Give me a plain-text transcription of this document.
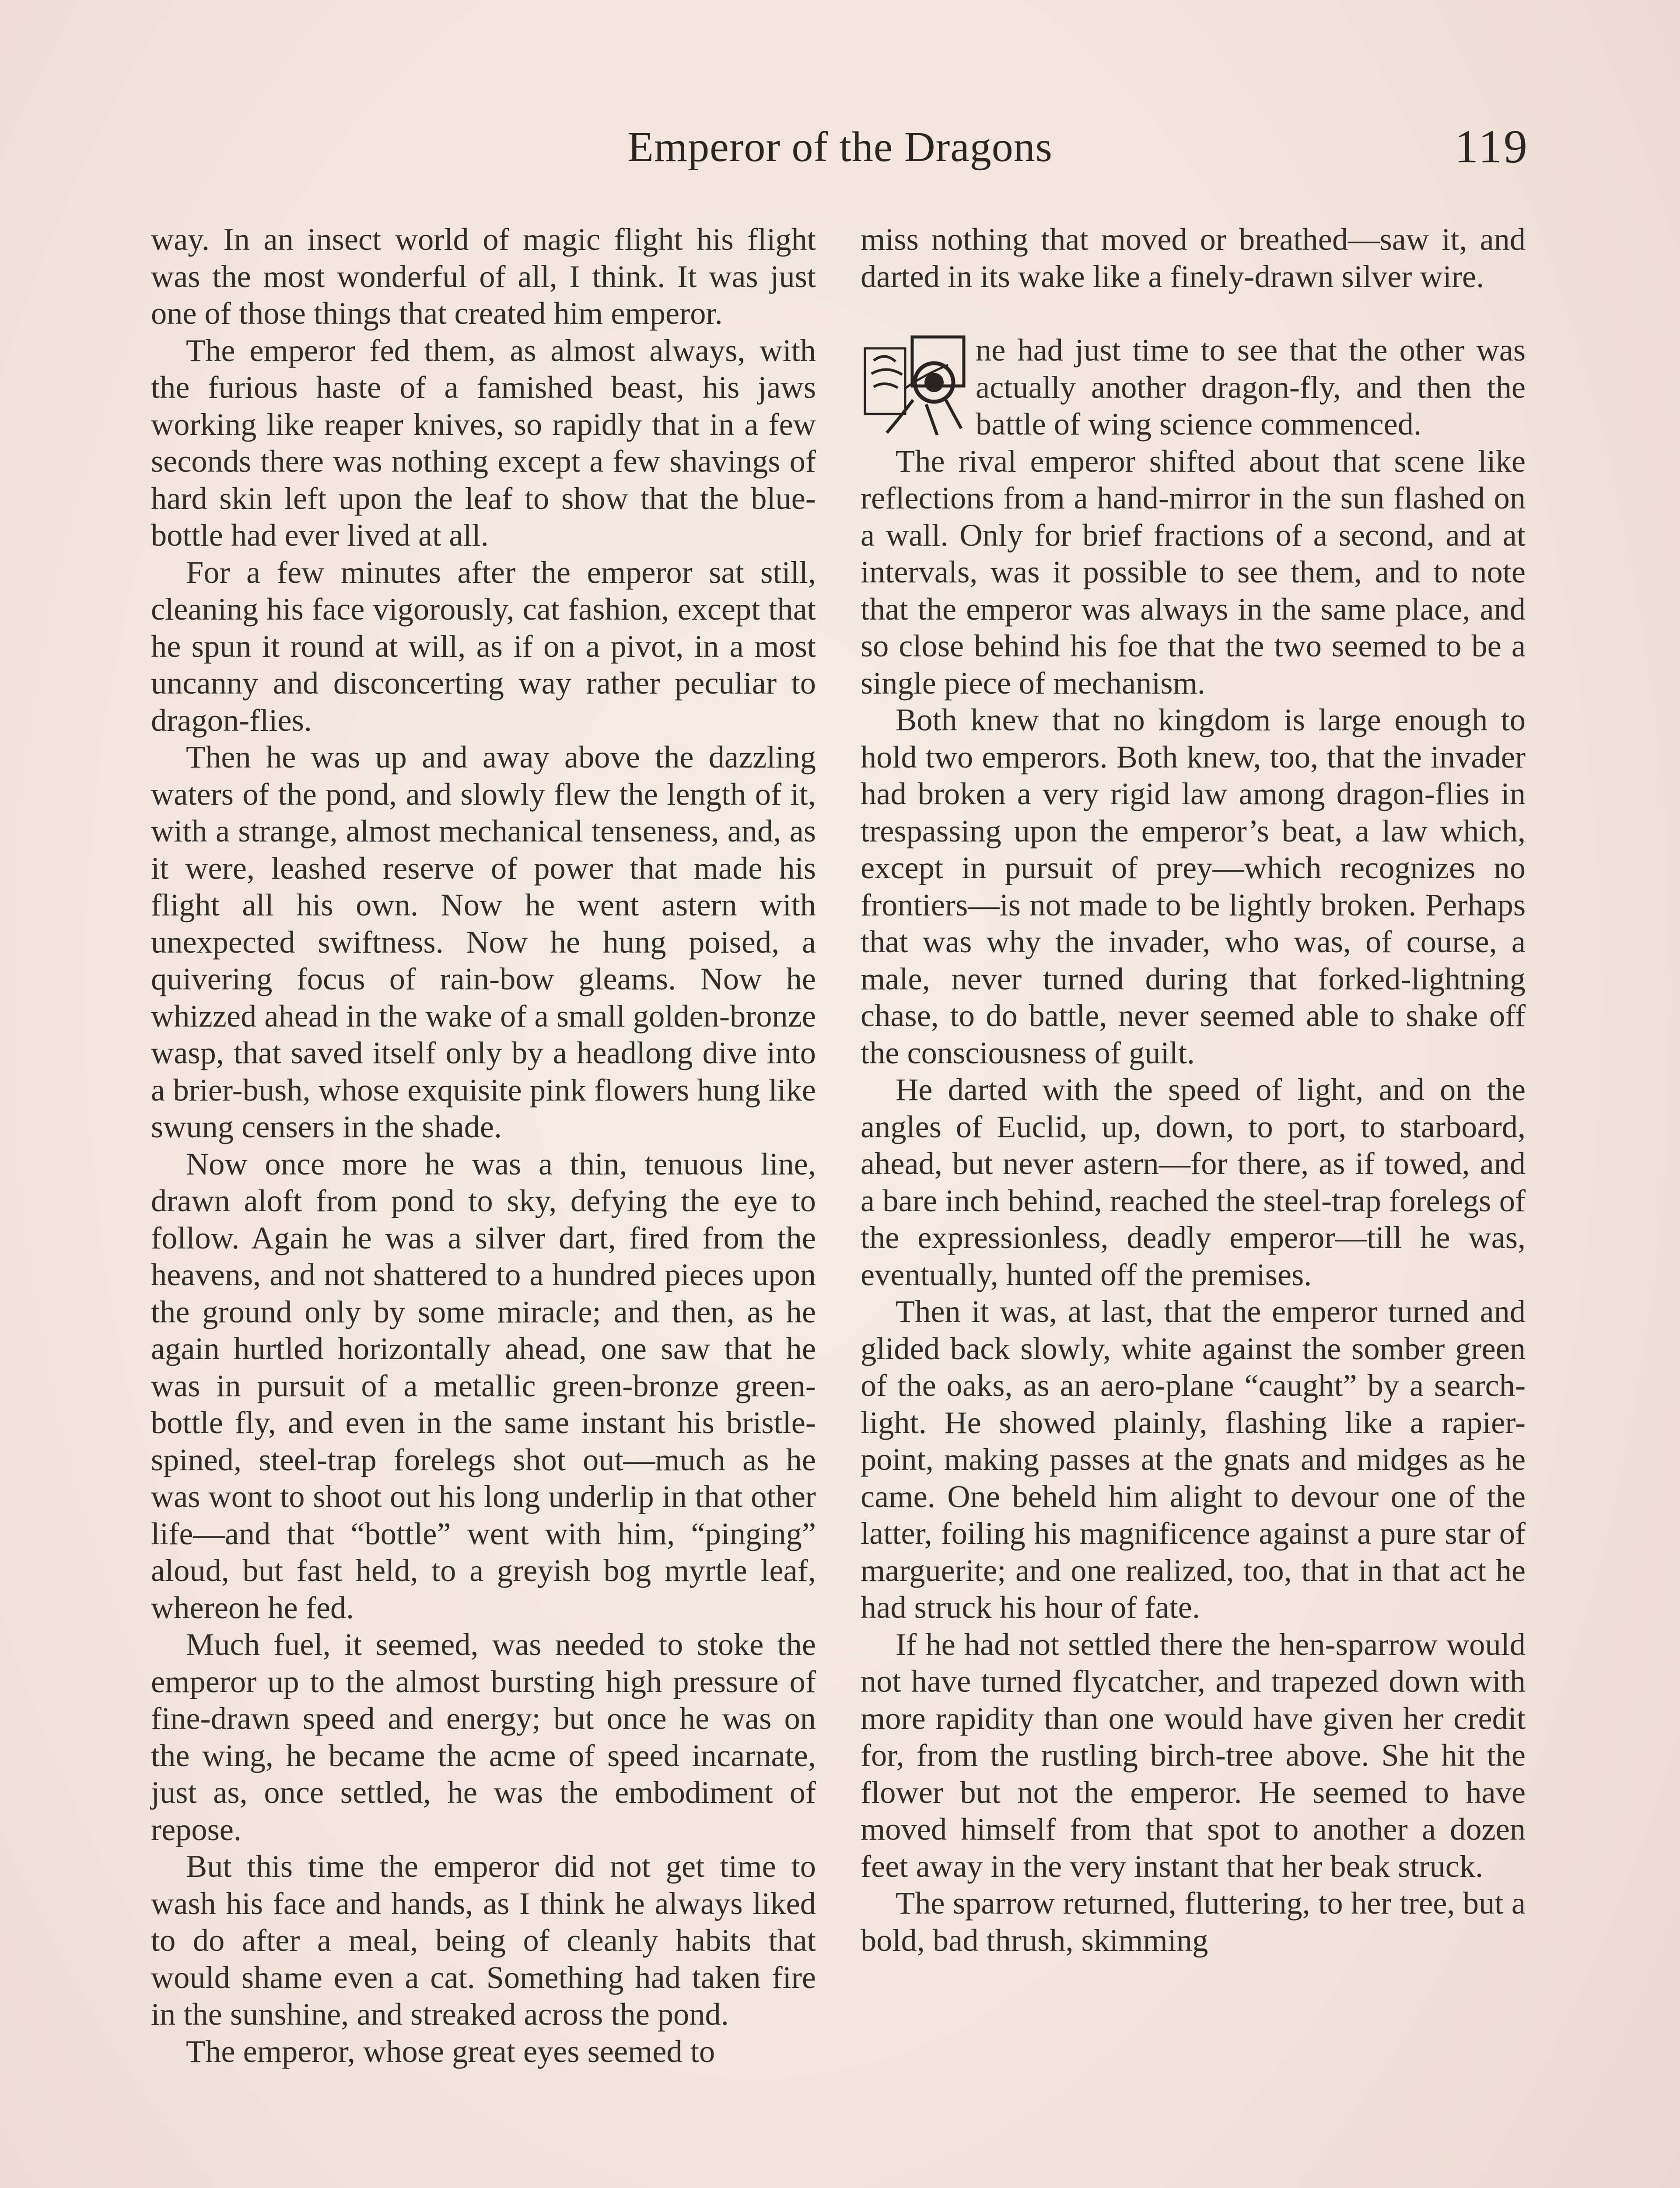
Emperor of the Dragons	119

way. In an insect world of magic flight his flight was the most wonderful of all, I think. It was just one of those things that created him emperor.

The emperor fed them, as almost always, with the furious haste of a famished beast, his jaws working like reaper knives, so rapidly that in a few seconds there was nothing except a few shavings of hard skin left upon the leaf to show that the blue-bottle had ever lived at all.

For a few minutes after the emperor sat still, cleaning his face vigorously, cat fashion, except that he spun it round at will, as if on a pivot, in a most uncanny and disconcerting way rather peculiar to dragon-flies.

Then he was up and away above the dazzling waters of the pond, and slowly flew the length of it, with a strange, almost mechanical tenseness, and, as it were, leashed reserve of power that made his flight all his own. Now he went astern with unexpected swiftness. Now he hung poised, a quivering focus of rain-bow gleams. Now he whizzed ahead in the wake of a small golden-bronze wasp, that saved itself only by a headlong dive into a brier-bush, whose exquisite pink flowers hung like swung censers in the shade.

Now once more he was a thin, tenuous line, drawn aloft from pond to sky, defying the eye to follow. Again he was a silver dart, fired from the heavens, and not shattered to a hundred pieces upon the ground only by some miracle; and then, as he again hurtled horizontally ahead, one saw that he was in pursuit of a metallic green-bronze green-bottle fly, and even in the same instant his bristle-spined, steel-trap forelegs shot out—much as he was wont to shoot out his long underlip in that other life—and that “bottle” went with him, “pinging” aloud, but fast held, to a greyish bog myrtle leaf, whereon he fed.

Much fuel, it seemed, was needed to stoke the emperor up to the almost bursting high pressure of fine-drawn speed and energy; but once he was on the wing, he became the acme of speed incarnate, just as, once settled, he was the embodiment of repose.

But this time the emperor did not get time to wash his face and hands, as I think he always liked to do after a meal, being of cleanly habits that would shame even a cat. Something had taken fire in the sunshine, and streaked across the pond.

The emperor, whose great eyes seemed to

miss nothing that moved or breathed—saw it, and darted in its wake like a finely-drawn silver wire.

ne had just time to see that the other was actually another dragon-fly, and then the battle of wing science commenced.

The rival emperor shifted about that scene like reflections from a hand-mirror in the sun flashed on a wall. Only for brief fractions of a second, and at intervals, was it possible to see them, and to note that the emperor was always in the same place, and so close behind his foe that the two seemed to be a single piece of mechanism.

Both knew that no kingdom is large enough to hold two emperors. Both knew, too, that the invader had broken a very rigid law among dragon-flies in trespassing upon the emperor’s beat, a law which, except in pursuit of prey—which recognizes no frontiers—is not made to be lightly broken. Perhaps that was why the invader, who was, of course, a male, never turned during that forked-lightning chase, to do battle, never seemed able to shake off the consciousness of guilt.

He darted with the speed of light, and on the angles of Euclid, up, down, to port, to starboard, ahead, but never astern—for there, as if towed, and a bare inch behind, reached the steel-trap forelegs of the expressionless, deadly emperor—till he was, eventually, hunted off the premises.

Then it was, at last, that the emperor turned and glided back slowly, white against the somber green of the oaks, as an aero-plane “caught” by a search-light. He showed plainly, flashing like a rapier-point, making passes at the gnats and midges as he came. One beheld him alight to devour one of the latter, foiling his magnificence against a pure star of marguerite; and one realized, too, that in that act he had struck his hour of fate.

If he had not settled there the hen-sparrow would not have turned flycatcher, and trapezed down with more rapidity than one would have given her credit for, from the rustling birch-tree above. She hit the flower but not the emperor. He seemed to have moved himself from that spot to another a dozen feet away in the very instant that her beak struck.

The sparrow returned, fluttering, to her tree, but a bold, bad thrush, skimming
